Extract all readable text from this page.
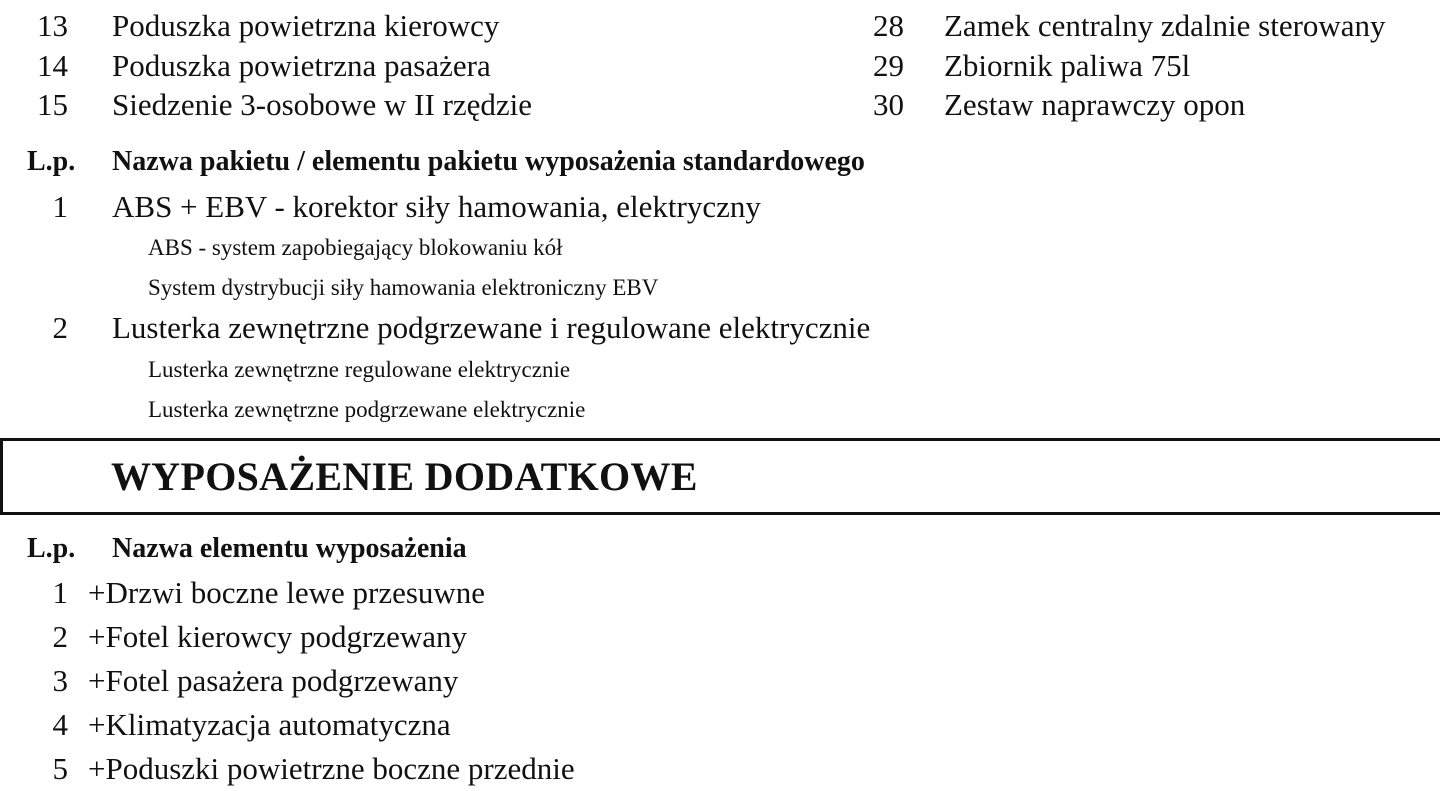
13 Poduszka powietrzna kierowcy
14 Poduszka powietrzna pasażera
15 Siedzenie 3-osobowe w II rzędzie
28 Zamek centralny zdalnie sterowany
29 Zbiornik paliwa 75l
30 Zestaw naprawczy opon
L.p. Nazwa pakietu / elementu pakietu wyposażenia standardowego
1 ABS + EBV - korektor siły hamowania, elektryczny
ABS - system zapobiegający blokowaniu kół
System dystrybucji siły hamowania elektroniczny EBV
2 Lusterka zewnętrzne podgrzewane i regulowane elektrycznie
Lusterka zewnętrzne regulowane elektrycznie
Lusterka zewnętrzne podgrzewane elektrycznie
WYPOSAŻENIE DODATKOWE
L.p. Nazwa elementu wyposażenia
1 +Drzwi boczne lewe przesuwne
2 +Fotel kierowcy podgrzewany
3 +Fotel pasażera podgrzewany
4 +Klimatyzacja automatyczna
5 +Poduszki powietrzne boczne przednie
